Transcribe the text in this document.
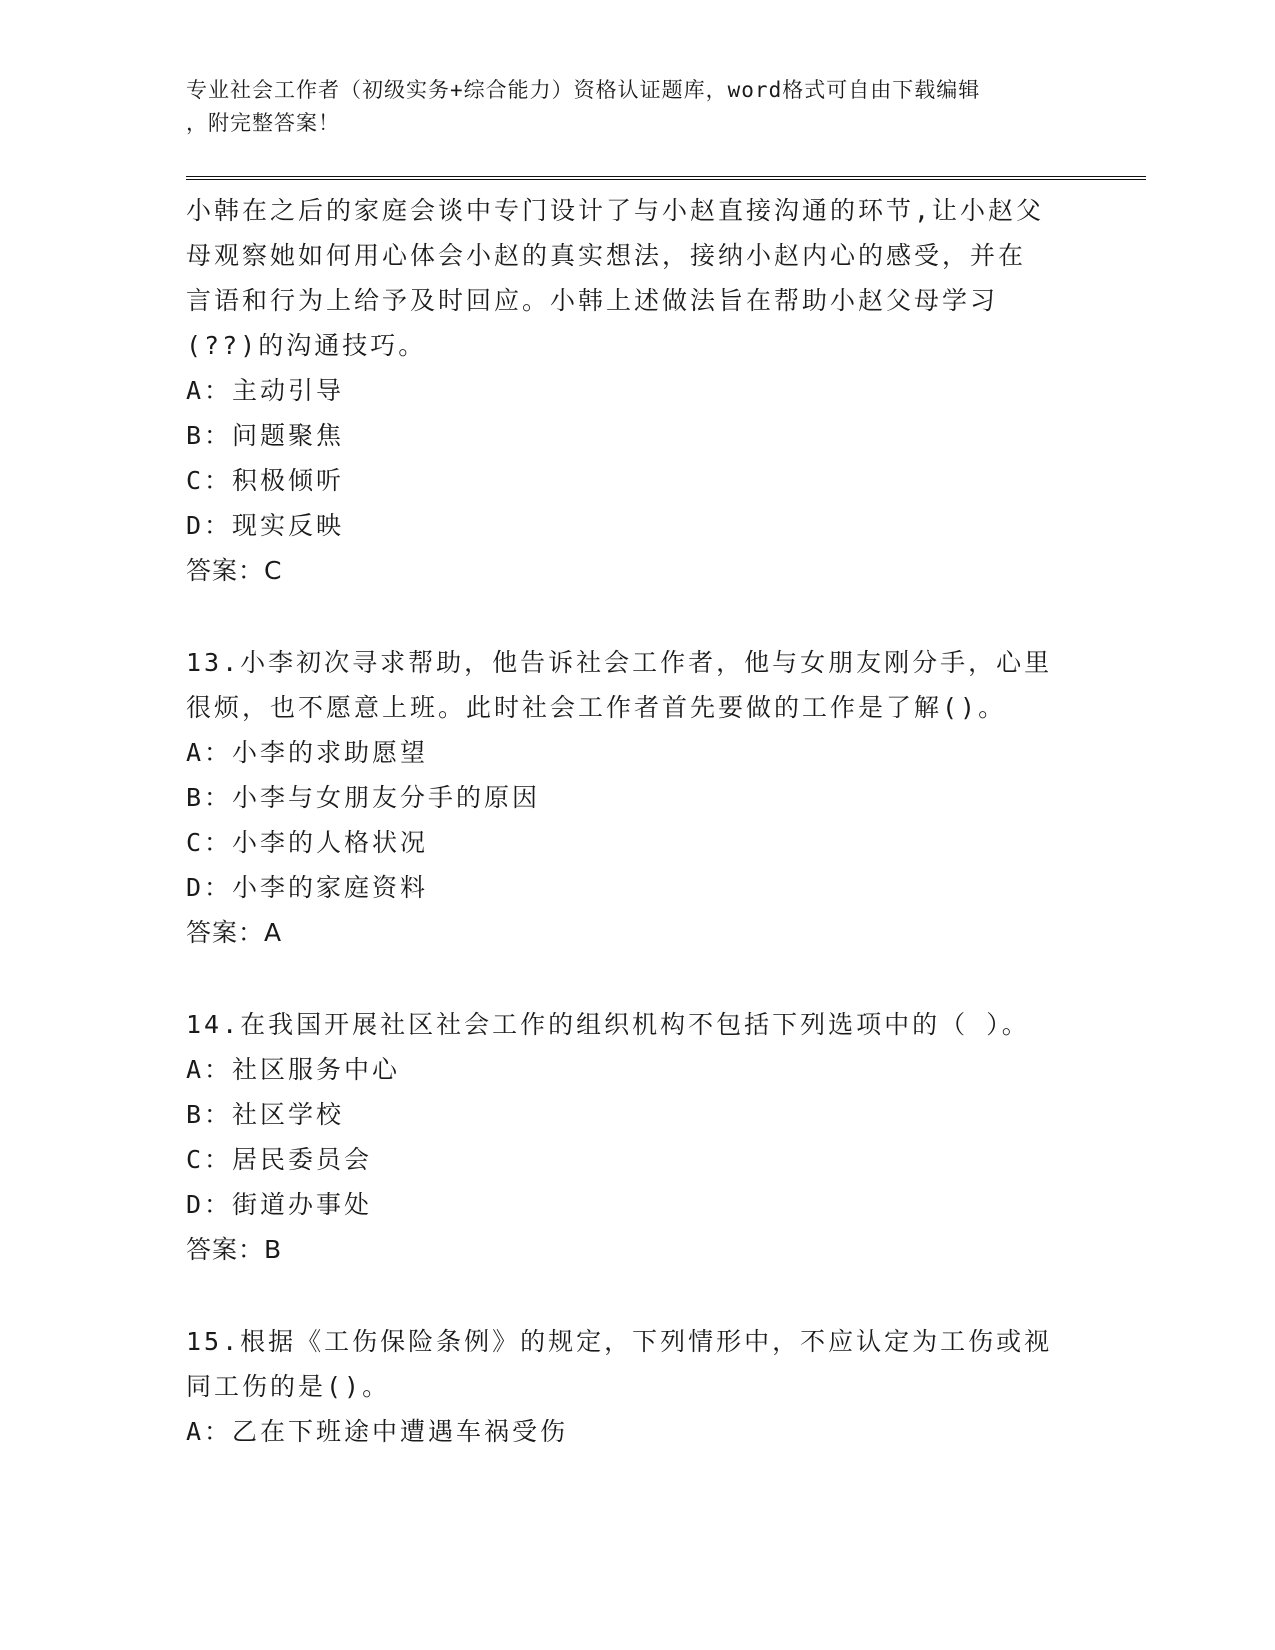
专业社会工作者（初级实务+综合能力）资格认证题库，word格式可自由下载编辑
，附完整答案！
小韩在之后的家庭会谈中专门设计了与小赵直接沟通的环节,让小赵父
母观察她如何用心体会小赵的真实想法，接纳小赵内心的感受，并在
言语和行为上给予及时回应。小韩上述做法旨在帮助小赵父母学习
(??)的沟通技巧。
A：主动引导
B：问题聚焦
C：积极倾听
D：现实反映
答案：C
13.小李初次寻求帮助，他告诉社会工作者，他与女朋友刚分手，心里
很烦，也不愿意上班。此时社会工作者首先要做的工作是了解()。
A：小李的求助愿望
B：小李与女朋友分手的原因
C：小李的人格状况
D：小李的家庭资料
答案：A
14.在我国开展社区社会工作的组织机构不包括下列选项中的（ ）。
A：社区服务中心
B：社区学校
C：居民委员会
D：街道办事处
答案：B
15.根据《工伤保险条例》的规定，下列情形中，不应认定为工伤或视
同工伤的是()。
A：乙在下班途中遭遇车祸受伤
